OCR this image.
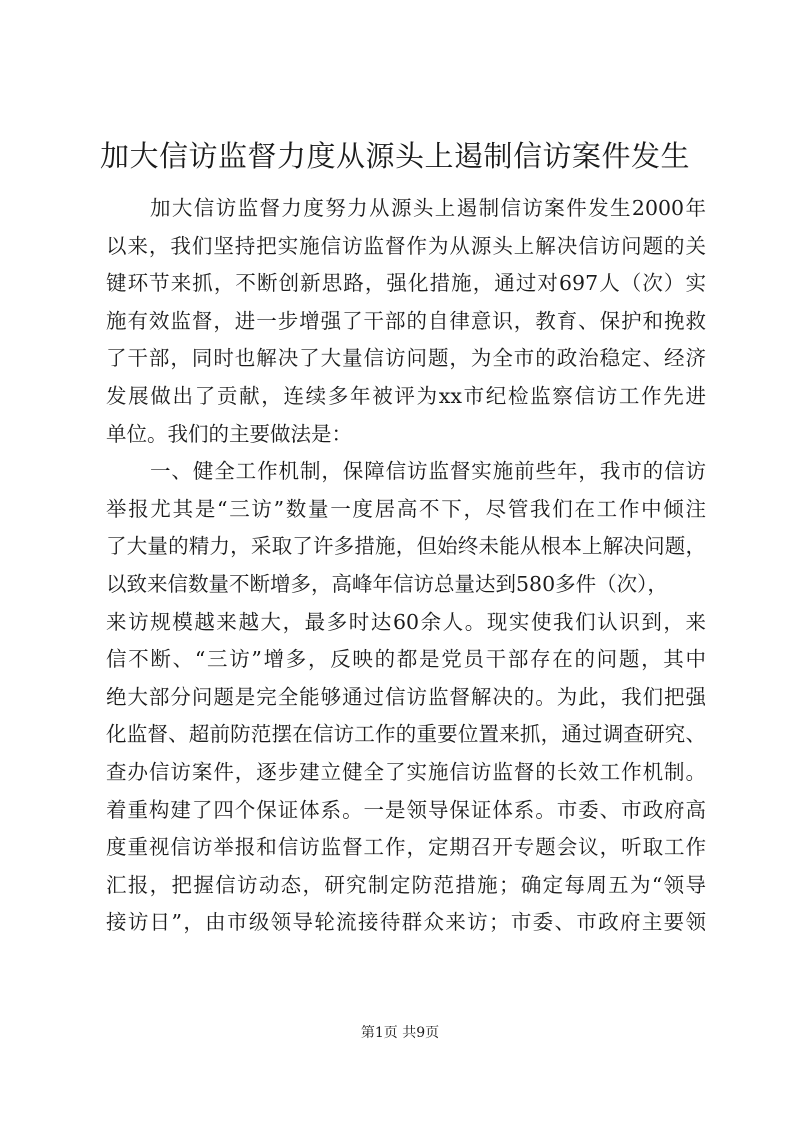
加大信访监督力度从源头上遏制信访案件发生
加大信访监督力度努力从源头上遏制信访案件发生2000年
以来，我们坚持把实施信访监督作为从源头上解决信访问题的关
键环节来抓，不断创新思路，强化措施，通过对697人（次）实
施有效监督，进一步增强了干部的自律意识，教育、保护和挽救
了干部，同时也解决了大量信访问题，为全市的政治稳定、经济
发展做出了贡献，连续多年被评为xx市纪检监察信访工作先进
单位。我们的主要做法是：
一、健全工作机制，保障信访监督实施前些年，我市的信访
举报尤其是“三访”数量一度居高不下，尽管我们在工作中倾注
了大量的精力，采取了许多措施，但始终未能从根本上解决问题，
以致来信数量不断增多，高峰年信访总量达到580多件（次），
来访规模越来越大，最多时达60余人。现实使我们认识到，来
信不断、“三访”增多，反映的都是党员干部存在的问题，其中
绝大部分问题是完全能够通过信访监督解决的。为此，我们把强
化监督、超前防范摆在信访工作的重要位置来抓，通过调查研究、
查办信访案件，逐步建立健全了实施信访监督的长效工作机制。
着重构建了四个保证体系。一是领导保证体系。市委、市政府高
度重视信访举报和信访监督工作，定期召开专题会议，听取工作
汇报，把握信访动态，研究制定防范措施；确定每周五为“领导
接访日”，由市级领导轮流接待群众来访；市委、市政府主要领
第1页 共9页
